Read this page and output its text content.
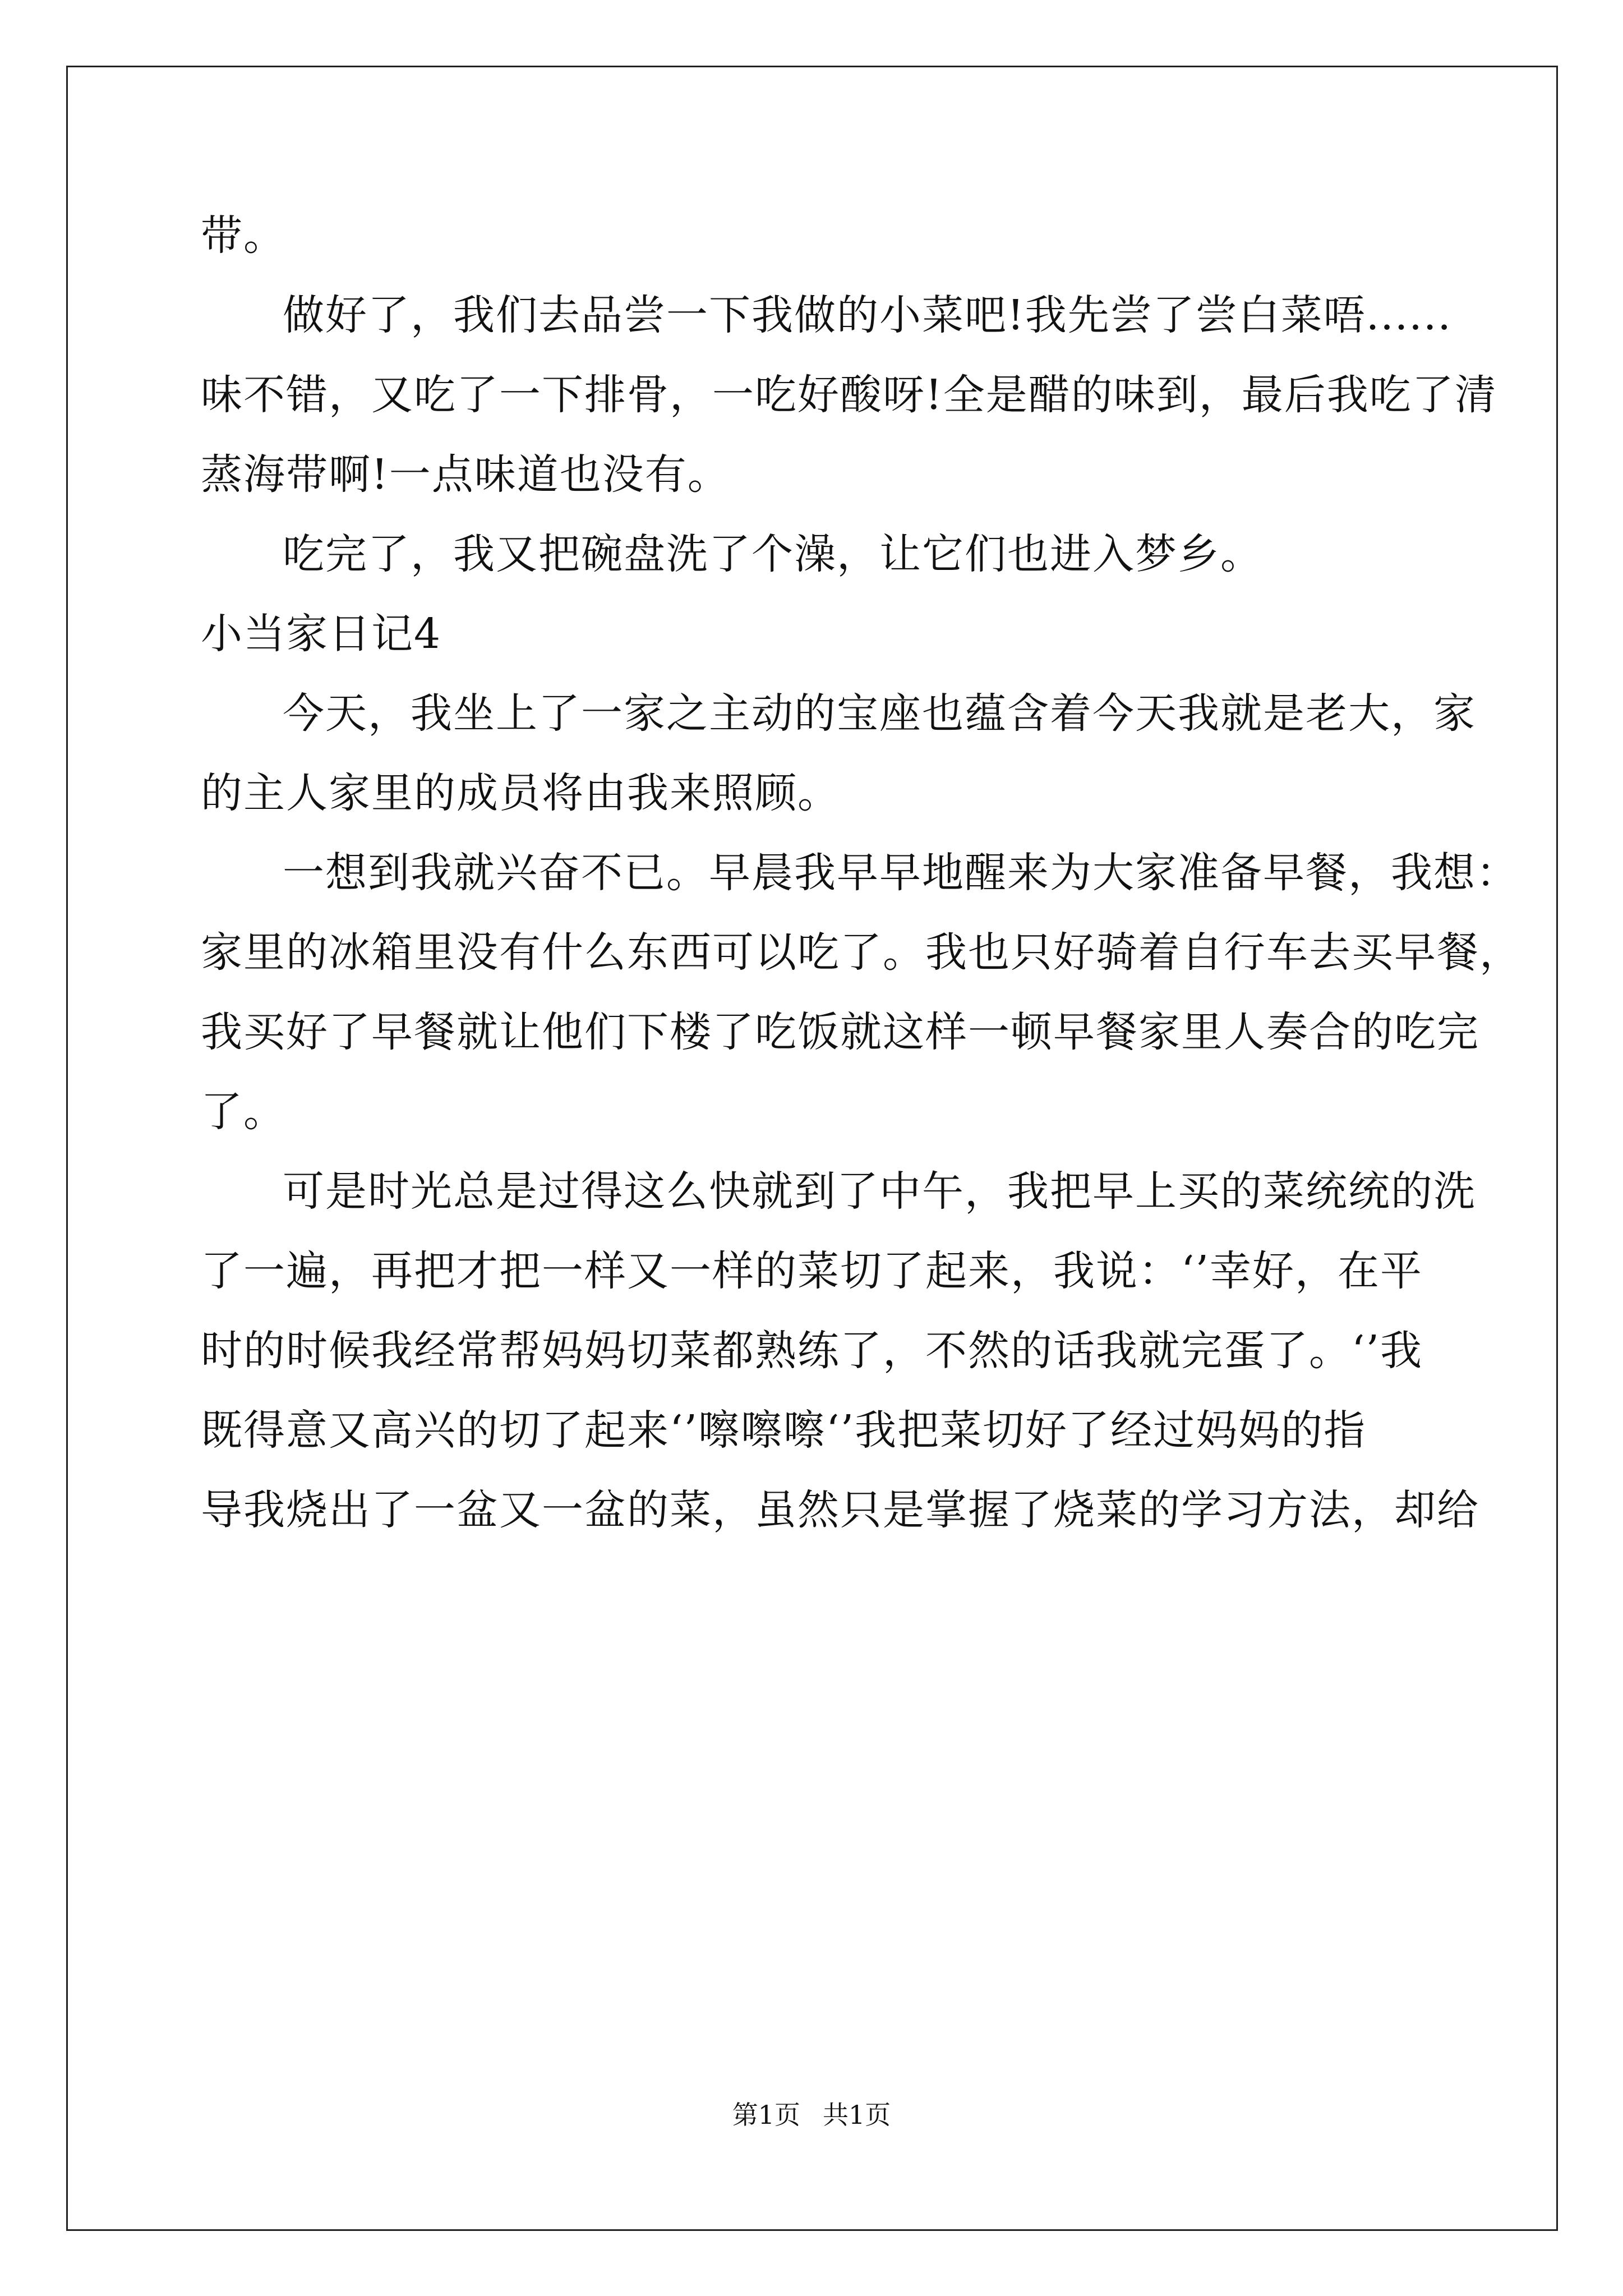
带。
做好了，我们去品尝一下我做的小菜吧!我先尝了尝白菜唔......
味不错，又吃了一下排骨，一吃好酸呀!全是醋的味到，最后我吃了清
蒸海带啊!一点味道也没有。
吃完了，我又把碗盘洗了个澡，让它们也进入梦乡。
小当家日记4
今天，我坐上了一家之主动的宝座也蕴含着今天我就是老大，家
的主人家里的成员将由我来照顾。
一想到我就兴奋不已。早晨我早早地醒来为大家准备早餐，我想：
家里的冰箱里没有什么东西可以吃了。我也只好骑着自行车去买早餐，
我买好了早餐就让他们下楼了吃饭就这样一顿早餐家里人奏合的吃完
了。
可是时光总是过得这么快就到了中午，我把早上买的菜统统的洗
了一遍，再把才把一样又一样的菜切了起来，我说：‘’幸好，在平
时的时候我经常帮妈妈切菜都熟练了，不然的话我就完蛋了。‘’我
既得意又高兴的切了起来‘’嚓嚓嚓‘’我把菜切好了经过妈妈的指
导我烧出了一盆又一盆的菜，虽然只是掌握了烧菜的学习方法，却给
第1页 共1页
